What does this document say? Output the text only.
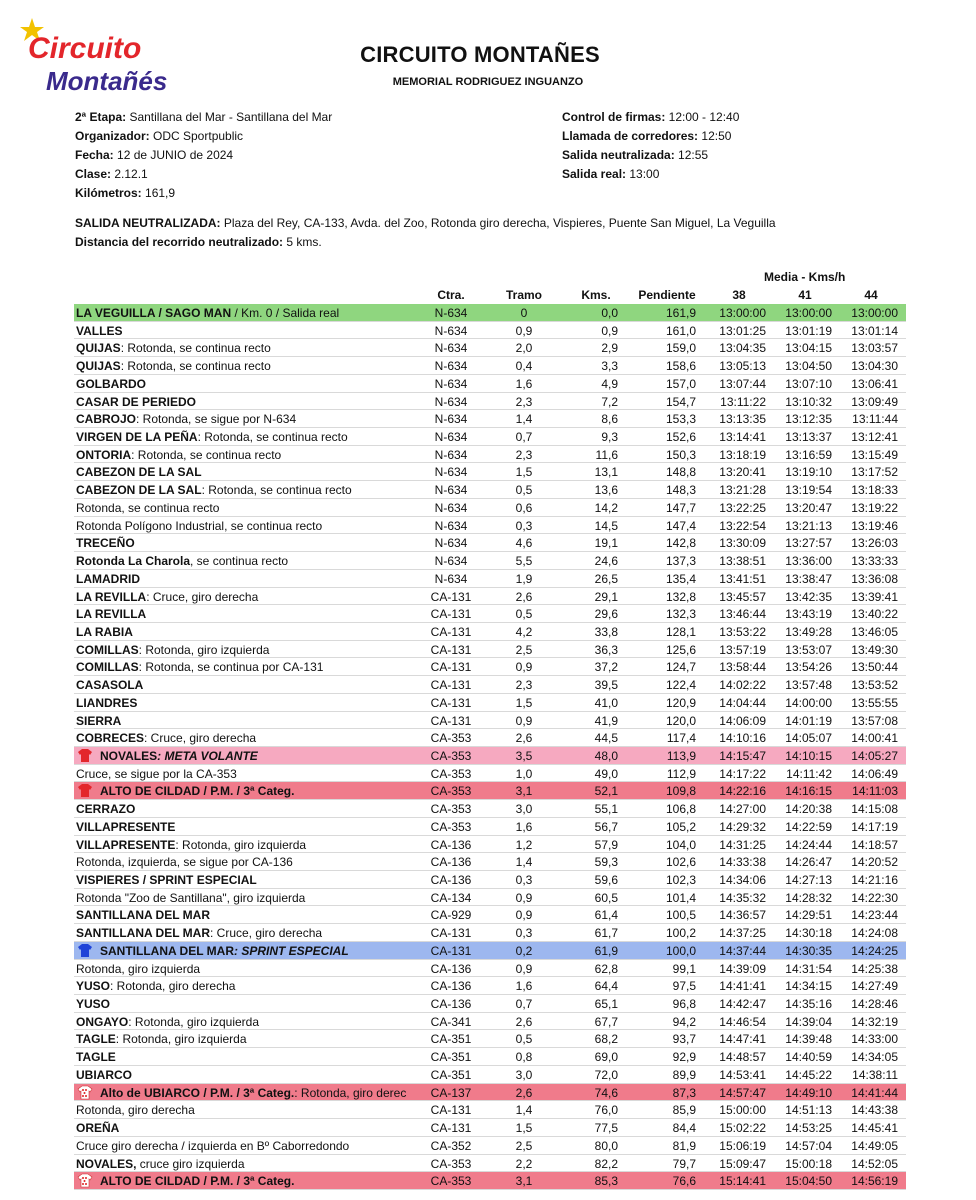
Circuito
Montañés
CIRCUITO MONTAÑES
MEMORIAL RODRIGUEZ INGUANZO
2ª Etapa: Santillana del Mar - Santillana del Mar
Organizador: ODC Sportpublic
Fecha: 12 de JUNIO de 2024
Clase: 2.12.1
Kilómetros: 161,9
Control de firmas: 12:00 - 12:40
Llamada de corredores: 12:50
Salida neutralizada: 12:55
Salida real: 13:00
SALIDA NEUTRALIZADA: Plaza del Rey, CA-133, Avda. del Zoo, Rotonda giro derecha, Vispieres, Puente San Miguel, La Veguilla
Distancia del recorrido neutralizado: 5 kms.
Media - Kms/h
Ctra.	Tramo	Kms.	Pendiente	38	41	44
LA VEGUILLA / SAGO MAN / Km. 0 / Salida real	N-634	0	0,0	161,9	13:00:00	13:00:00	13:00:00
VALLES	N-634	0,9	0,9	161,0	13:01:25	13:01:19	13:01:14
QUIJAS: Rotonda, se continua recto	N-634	2,0	2,9	159,0	13:04:35	13:04:15	13:03:57
QUIJAS: Rotonda, se continua recto	N-634	0,4	3,3	158,6	13:05:13	13:04:50	13:04:30
GOLBARDO	N-634	1,6	4,9	157,0	13:07:44	13:07:10	13:06:41
CASAR DE PERIEDO	N-634	2,3	7,2	154,7	13:11:22	13:10:32	13:09:49
CABROJO: Rotonda, se sigue por N-634	N-634	1,4	8,6	153,3	13:13:35	13:12:35	13:11:44
VIRGEN DE LA PEÑA: Rotonda, se continua recto	N-634	0,7	9,3	152,6	13:14:41	13:13:37	13:12:41
ONTORIA: Rotonda, se continua recto	N-634	2,3	11,6	150,3	13:18:19	13:16:59	13:15:49
CABEZON DE LA SAL	N-634	1,5	13,1	148,8	13:20:41	13:19:10	13:17:52
CABEZON DE LA SAL: Rotonda, se continua recto	N-634	0,5	13,6	148,3	13:21:28	13:19:54	13:18:33
Rotonda, se continua recto	N-634	0,6	14,2	147,7	13:22:25	13:20:47	13:19:22
Rotonda Polígono Industrial, se continua recto	N-634	0,3	14,5	147,4	13:22:54	13:21:13	13:19:46
TRECEÑO	N-634	4,6	19,1	142,8	13:30:09	13:27:57	13:26:03
Rotonda La Charola, se continua recto	N-634	5,5	24,6	137,3	13:38:51	13:36:00	13:33:33
LAMADRID	N-634	1,9	26,5	135,4	13:41:51	13:38:47	13:36:08
LA REVILLA: Cruce, giro derecha	CA-131	2,6	29,1	132,8	13:45:57	13:42:35	13:39:41
LA REVILLA	CA-131	0,5	29,6	132,3	13:46:44	13:43:19	13:40:22
LA RABIA	CA-131	4,2	33,8	128,1	13:53:22	13:49:28	13:46:05
COMILLAS: Rotonda, giro izquierda	CA-131	2,5	36,3	125,6	13:57:19	13:53:07	13:49:30
COMILLAS: Rotonda, se continua por CA-131	CA-131	0,9	37,2	124,7	13:58:44	13:54:26	13:50:44
CASASOLA	CA-131	2,3	39,5	122,4	14:02:22	13:57:48	13:53:52
LIANDRES	CA-131	1,5	41,0	120,9	14:04:44	14:00:00	13:55:55
SIERRA	CA-131	0,9	41,9	120,0	14:06:09	14:01:19	13:57:08
COBRECES: Cruce, giro derecha	CA-353	2,6	44,5	117,4	14:10:16	14:05:07	14:00:41
NOVALES: META VOLANTE	CA-353	3,5	48,0	113,9	14:15:47	14:10:15	14:05:27
Cruce, se sigue por la CA-353	CA-353	1,0	49,0	112,9	14:17:22	14:11:42	14:06:49
ALTO DE CILDAD / P.M. / 3ª Categ.	CA-353	3,1	52,1	109,8	14:22:16	14:16:15	14:11:03
CERRAZO	CA-353	3,0	55,1	106,8	14:27:00	14:20:38	14:15:08
VILLAPRESENTE	CA-353	1,6	56,7	105,2	14:29:32	14:22:59	14:17:19
VILLAPRESENTE: Rotonda, giro izquierda	CA-136	1,2	57,9	104,0	14:31:25	14:24:44	14:18:57
Rotonda, izquierda, se sigue por CA-136	CA-136	1,4	59,3	102,6	14:33:38	14:26:47	14:20:52
VISPIERES / SPRINT ESPECIAL	CA-136	0,3	59,6	102,3	14:34:06	14:27:13	14:21:16
Rotonda "Zoo de Santillana", giro izquierda	CA-134	0,9	60,5	101,4	14:35:32	14:28:32	14:22:30
SANTILLANA DEL MAR	CA-929	0,9	61,4	100,5	14:36:57	14:29:51	14:23:44
SANTILLANA DEL MAR: Cruce, giro derecha	CA-131	0,3	61,7	100,2	14:37:25	14:30:18	14:24:08
SANTILLANA DEL MAR: SPRINT ESPECIAL	CA-131	0,2	61,9	100,0	14:37:44	14:30:35	14:24:25
Rotonda, giro izquierda	CA-136	0,9	62,8	99,1	14:39:09	14:31:54	14:25:38
YUSO: Rotonda, giro derecha	CA-136	1,6	64,4	97,5	14:41:41	14:34:15	14:27:49
YUSO	CA-136	0,7	65,1	96,8	14:42:47	14:35:16	14:28:46
ONGAYO: Rotonda, giro izquierda	CA-341	2,6	67,7	94,2	14:46:54	14:39:04	14:32:19
TAGLE: Rotonda, giro izquierda	CA-351	0,5	68,2	93,7	14:47:41	14:39:48	14:33:00
TAGLE	CA-351	0,8	69,0	92,9	14:48:57	14:40:59	14:34:05
UBIARCO	CA-351	3,0	72,0	89,9	14:53:41	14:45:22	14:38:11
Alto de UBIARCO / P.M. / 3ª Categ.: Rotonda, giro derec	CA-137	2,6	74,6	87,3	14:57:47	14:49:10	14:41:44
Rotonda, giro derecha	CA-131	1,4	76,0	85,9	15:00:00	14:51:13	14:43:38
OREÑA	CA-131	1,5	77,5	84,4	15:02:22	14:53:25	14:45:41
Cruce giro derecha / izquierda en Bº Caborredondo	CA-352	2,5	80,0	81,9	15:06:19	14:57:04	14:49:05
NOVALES, cruce giro izquierda	CA-353	2,2	82,2	79,7	15:09:47	15:00:18	14:52:05
ALTO DE CILDAD / P.M. / 3ª Categ.	CA-353	3,1	85,3	76,6	15:14:41	15:04:50	14:56:19
